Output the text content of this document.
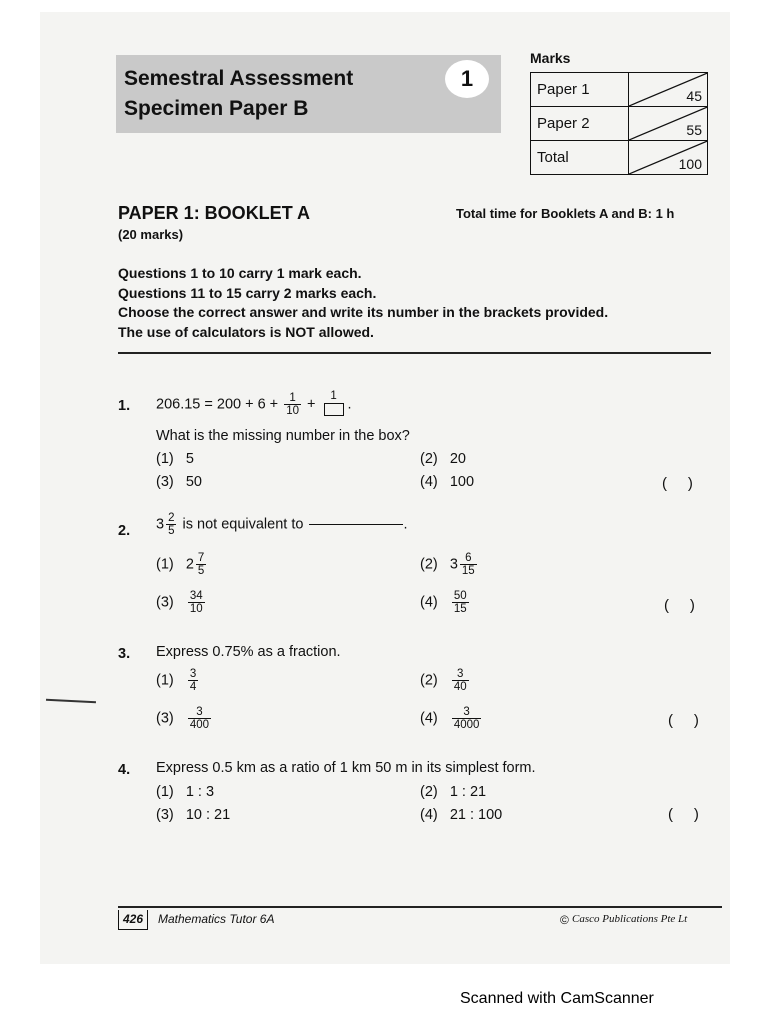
Semestral Assessment
Specimen Paper B
1
Marks
Paper 1	45

Paper 2	55

Total	100
PAPER 1: BOOKLET A
(20 marks)
Total time for Booklets A and B: 1 h
Questions 1 to 10 carry 1 mark each.
Questions 11 to 15 carry 2 marks each.
Choose the correct answer and write its number in the brackets provided.
The use of calculators is NOT allowed.
1. $206.15 = 200 + 6 + \frac{1}{10}$ +
1
.
What is the missing number in the box?
(1) 5	(2) 20
(3) 50	(4) 100	(     )
2. $3 \frac{2}{5}$ is not equivalent to	.
(1) $2 \frac{7}{5}$	(2) $3 \frac{6}{15}$
$(3) \frac{34}{10}$	$(4) \frac{50}{15}$	(     )
3. Express 0.75% as a fraction.
$(1) \frac{3}{4}$	$(2) \frac{3}{40}$
$(3) \frac{3}{400}$	$(4) \frac{3}{4000}$	(     )
4. Express 0.5 km as a ratio of 1 km 50 m in its simplest form.
(1) 1 : 3	(2) 1 : 21
(3) 10 : 21	(4) 21 : 100	(     )
426	Mathematics Tutor 6A	© Casco Publications Pte Lt
Scanned with CamScanner
